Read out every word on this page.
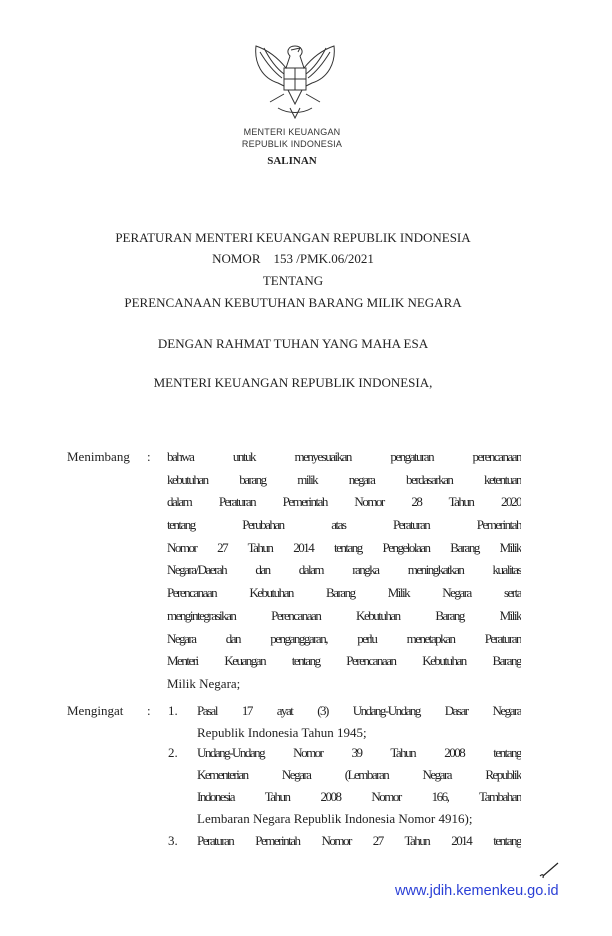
MENTERI KEUANGAN
REPUBLIK INDONESIA
SALINAN
PERATURAN MENTERI KEUANGAN REPUBLIK INDONESIA
NOMOR    153 /PMK.06/2021
TENTANG
PERENCANAAN KEBUTUHAN BARANG MILIK NEGARA
DENGAN RAHMAT TUHAN YANG MAHA ESA
MENTERI KEUANGAN REPUBLIK INDONESIA,
Menimbang : bahwa untuk menyesuaikan pengaturan perencanaan
kebutuhan barang milik negara berdasarkan ketentuan
dalam Peraturan Pemerintah Nomor 28 Tahun 2020
tentang Perubahan atas Peraturan Pemerintah
Nomor 27 Tahun 2014 tentang Pengelolaan Barang Milik
Negara/Daerah dan dalam rangka meningkatkan kualitas
Perencanaan Kebutuhan Barang Milik Negara serta
mengintegrasikan Perencanaan Kebutuhan Barang Milik
Negara dan penganggaran, perlu menetapkan Peraturan
Menteri Keuangan tentang Perencanaan Kebutuhan Barang
Milik Negara;
Mengingat : 1. Pasal 17 ayat (3) Undang-Undang Dasar Negara
Republik Indonesia Tahun 1945;
2. Undang-Undang Nomor 39 Tahun 2008 tentang
Kementerian Negara (Lembaran Negara Republik
Indonesia Tahun 2008 Nomor 166, Tambahan
Lembaran Negara Republik Indonesia Nomor 4916);
3. Peraturan Pemerintah Nomor 27 Tahun 2014 tentang
www.jdih.kemenkeu.go.id
